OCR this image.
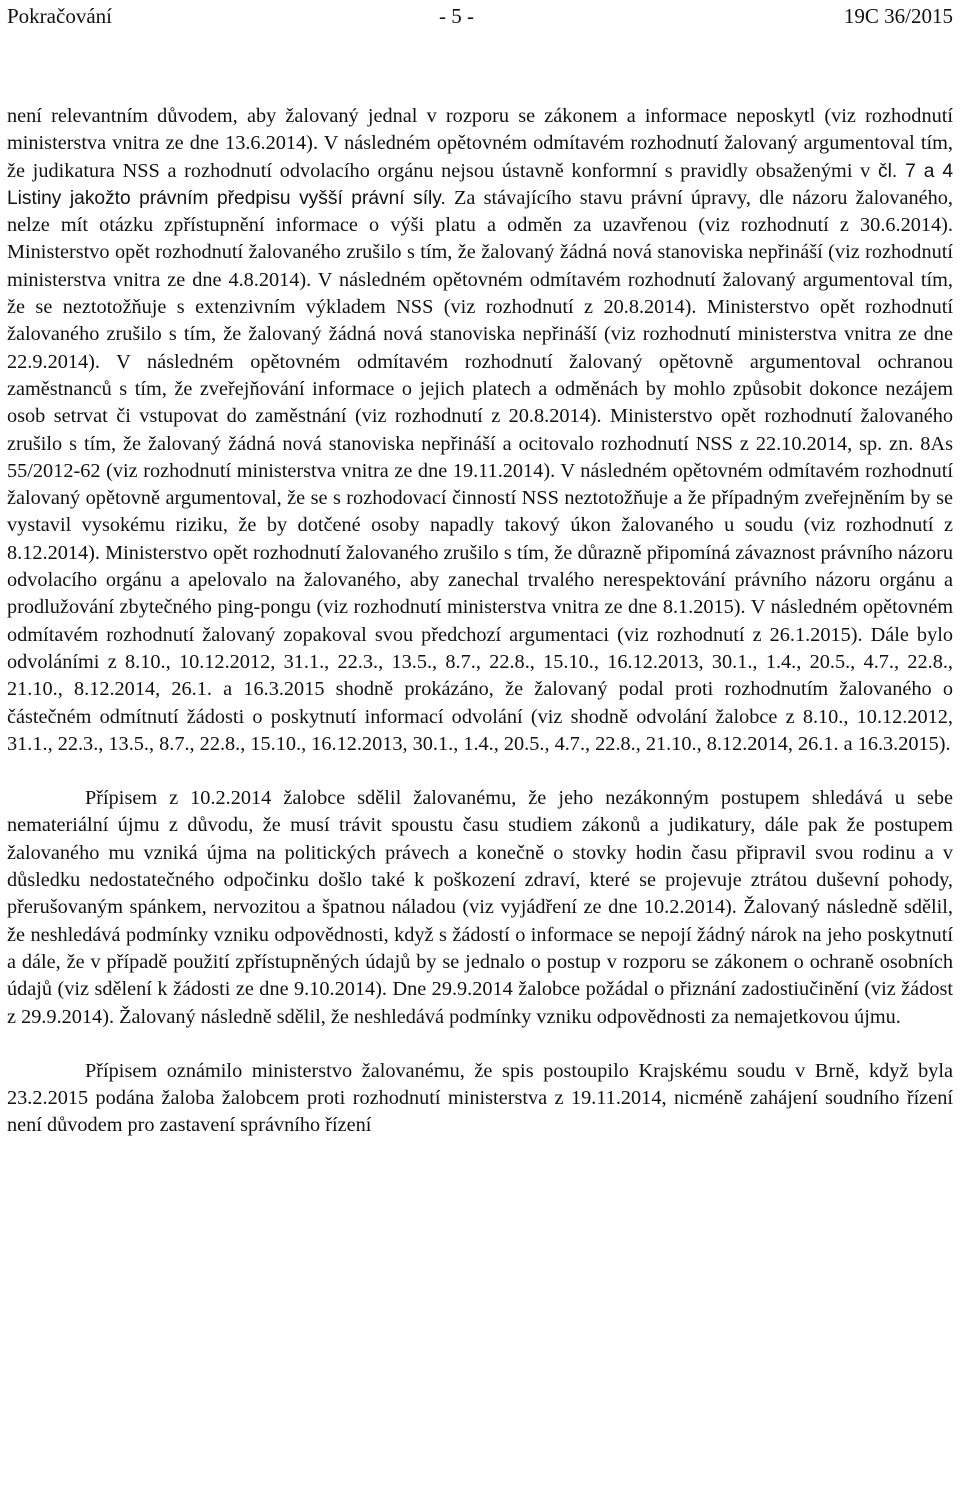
Pokračování	- 5 -	19C 36/2015

není relevantním důvodem, aby žalovaný jednal v rozporu se zákonem a informace neposkytl (viz rozhodnutí ministerstva vnitra ze dne 13.6.2014). V následném opětovném odmítavém rozhodnutí žalovaný argumentoval tím, že judikatura NSS a rozhodnutí odvolacího orgánu nejsou ústavně konformní s pravidly obsaženými v čl. 7 a 4 Listiny jakožto právním předpisu vyšší právní síly. Za stávajícího stavu právní úpravy, dle názoru žalovaného, nelze mít otázku zpřístupnění informace o výši platu a odměn za uzavřenou (viz rozhodnutí z 30.6.2014). Ministerstvo opět rozhodnutí žalovaného zrušilo s tím, že žalovaný žádná nová stanoviska nepřináší (viz rozhodnutí ministerstva vnitra ze dne 4.8.2014). V následném opětovném odmítavém rozhodnutí žalovaný argumentoval tím, že se neztotožňuje s extenzivním výkladem NSS (viz rozhodnutí z 20.8.2014). Ministerstvo opět rozhodnutí žalovaného zrušilo s tím, že žalovaný žádná nová stanoviska nepřináší (viz rozhodnutí ministerstva vnitra ze dne 22.9.2014). V následném opětovném odmítavém rozhodnutí žalovaný opětovně argumentoval ochranou zaměstnanců s tím, že zveřejňování informace o jejich platech a odměnách by mohlo způsobit dokonce nezájem osob setrvat či vstupovat do zaměstnání (viz rozhodnutí z 20.8.2014). Ministerstvo opět rozhodnutí žalovaného zrušilo s tím, že žalovaný žádná nová stanoviska nepřináší a ocitovalo rozhodnutí NSS z 22.10.2014, sp. zn. 8As 55/2012-62 (viz rozhodnutí ministerstva vnitra ze dne 19.11.2014). V následném opětovném odmítavém rozhodnutí žalovaný opětovně argumentoval, že se s rozhodovací činností NSS neztotožňuje a že případným zveřejněním by se vystavil vysokému riziku, že by dotčené osoby napadly takový úkon žalovaného u soudu (viz rozhodnutí z 8.12.2014). Ministerstvo opět rozhodnutí žalovaného zrušilo s tím, že důrazně připomíná závaznost právního názoru odvolacího orgánu a apelovalo na žalovaného, aby zanechal trvalého nerespektování právního názoru orgánu a prodlužování zbytečného ping-pongu (viz rozhodnutí ministerstva vnitra ze dne 8.1.2015). V následném opětovném odmítavém rozhodnutí žalovaný zopakoval svou předchozí argumentaci (viz rozhodnutí z 26.1.2015). Dále bylo odvoláními z 8.10., 10.12.2012, 31.1., 22.3., 13.5., 8.7., 22.8., 15.10., 16.12.2013, 30.1., 1.4., 20.5., 4.7., 22.8., 21.10., 8.12.2014, 26.1. a 16.3.2015 shodně prokázáno, že žalovaný podal proti rozhodnutím žalovaného o částečném odmítnutí žádosti o poskytnutí informací odvolání (viz shodně odvolání žalobce z 8.10., 10.12.2012, 31.1., 22.3., 13.5., 8.7., 22.8., 15.10., 16.12.2013, 30.1., 1.4., 20.5., 4.7., 22.8., 21.10., 8.12.2014, 26.1. a 16.3.2015).

Přípisem z 10.2.2014 žalobce sdělil žalovanému, že jeho nezákonným postupem shledává u sebe nemateriální újmu z důvodu, že musí trávit spoustu času studiem zákonů a judikatury, dále pak že postupem žalovaného mu vzniká újma na politických právech a konečně o stovky hodin času připravil svou rodinu a v důsledku nedostatečného odpočinku došlo také k poškození zdraví, které se projevuje ztrátou duševní pohody, přerušovaným spánkem, nervozitou a špatnou náladou (viz vyjádření ze dne 10.2.2014). Žalovaný následně sdělil, že neshledává podmínky vzniku odpovědnosti, když s žádostí o informace se nepojí žádný nárok na jeho poskytnutí a dále, že v případě použití zpřístupněných údajů by se jednalo o postup v rozporu se zákonem o ochraně osobních údajů (viz sdělení k žádosti ze dne 9.10.2014). Dne 29.9.2014 žalobce požádal o přiznání zadostiučinění (viz žádost z 29.9.2014). Žalovaný následně sdělil, že neshledává podmínky vzniku odpovědnosti za nemajetkovou újmu.

Přípisem oznámilo ministerstvo žalovanému, že spis postoupilo Krajskému soudu v Brně, když byla 23.2.2015 podána žaloba žalobcem proti rozhodnutí ministerstva z 19.11.2014, nicméně zahájení soudního řízení není důvodem pro zastavení správního řízení
